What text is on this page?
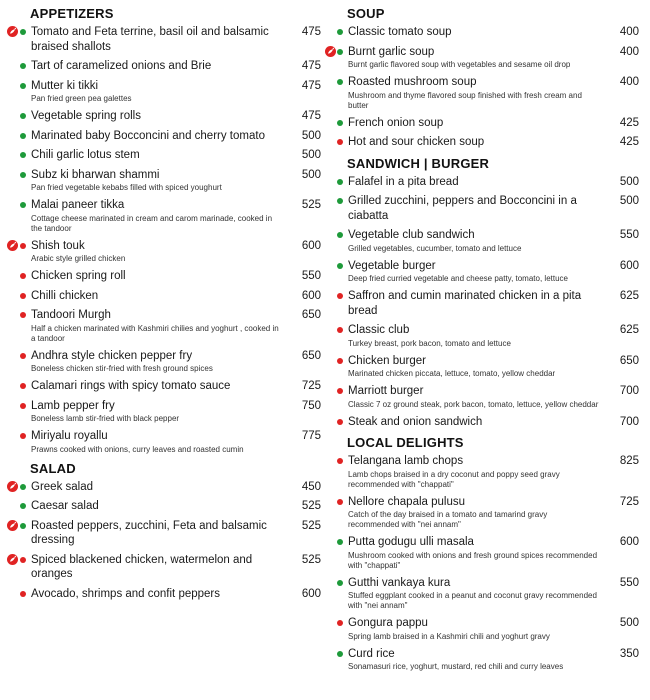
APPETIZERS
Tomato and Feta terrine, basil oil and balsamic braised shallots
475
Tart of caramelized onions and Brie	475
Mutter ki tikki
Pan fried green pea galettes
475
Vegetable spring rolls	475
Marinated baby Bocconcini and cherry tomato	500
Chili garlic lotus stem	500
Subz ki bharwan shammi
Pan fried vegetable kebabs filled with spiced youghurt
500
Malai paneer tikka
Cottage cheese marinated in cream and carom marinade, cooked in the tandoor
525
Shish touk
Arabic style grilled chicken
600
Chicken spring roll	550
Chilli chicken	600
Tandoori Murgh
Half a chicken marinated with Kashmiri chilies and yoghurt , cooked in a tandoor
650
Andhra style chicken pepper fry
Boneless chicken stir-fried with fresh ground spices
650
Calamari rings with spicy tomato sauce	725
Lamb pepper fry
Boneless lamb stir-fried with black pepper
750
Miriyalu royallu
Prawns cooked with onions, curry leaves and roasted cumin
775
SALAD
Greek salad	450
Caesar salad	525
Roasted peppers, zucchini, Feta and balsamic dressing
525
Spiced blackened chicken, watermelon and oranges
525
Avocado, shrimps and confit peppers	600
SOUP
Classic tomato soup	400
Burnt garlic soup
Burnt garlic flavored soup with vegetables and sesame oil drop
400
Roasted mushroom soup
Mushroom and thyme flavored soup finished with fresh cream and butter
400
French onion soup	425
Hot and sour chicken soup	425
SANDWICH | BURGER
Falafel in a pita bread	500
Grilled zucchini, peppers and Bocconcini in a ciabatta
500
Vegetable club sandwich
Grilled vegetables, cucumber, tomato and lettuce
550
Vegetable burger
Deep fried curried vegetable and cheese patty, tomato, lettuce
600
Saffron and cumin marinated chicken in a pita bread
625
Classic club
Turkey breast, pork bacon, tomato and lettuce
625
Chicken burger
Marinated chicken piccata, lettuce, tomato, yellow cheddar
650
Marriott burger
Classic 7 oz ground steak, pork bacon, tomato, lettuce, yellow cheddar
700
Steak and onion sandwich	700
LOCAL DELIGHTS
Telangana lamb chops
Lamb chops braised in a dry coconut and poppy seed gravy recommended with "chappati"
825
Nellore chapala pulusu
Catch of the day braised in a tomato and tamarind gravy recommended with "nei annam"
725
Putta godugu ulli masala
Mushroom cooked with onions and fresh ground spices recommended with "chappati"
600
Gutthi vankaya kura
Stuffed eggplant cooked in a peanut and coconut gravy recommended with "nei annam"
550
Gongura pappu
Spring lamb braised in a Kashmiri chili and yoghurt gravy
500
Curd rice
Sonamasuri rice, yoghurt, mustard, red chili and curry leaves
350
